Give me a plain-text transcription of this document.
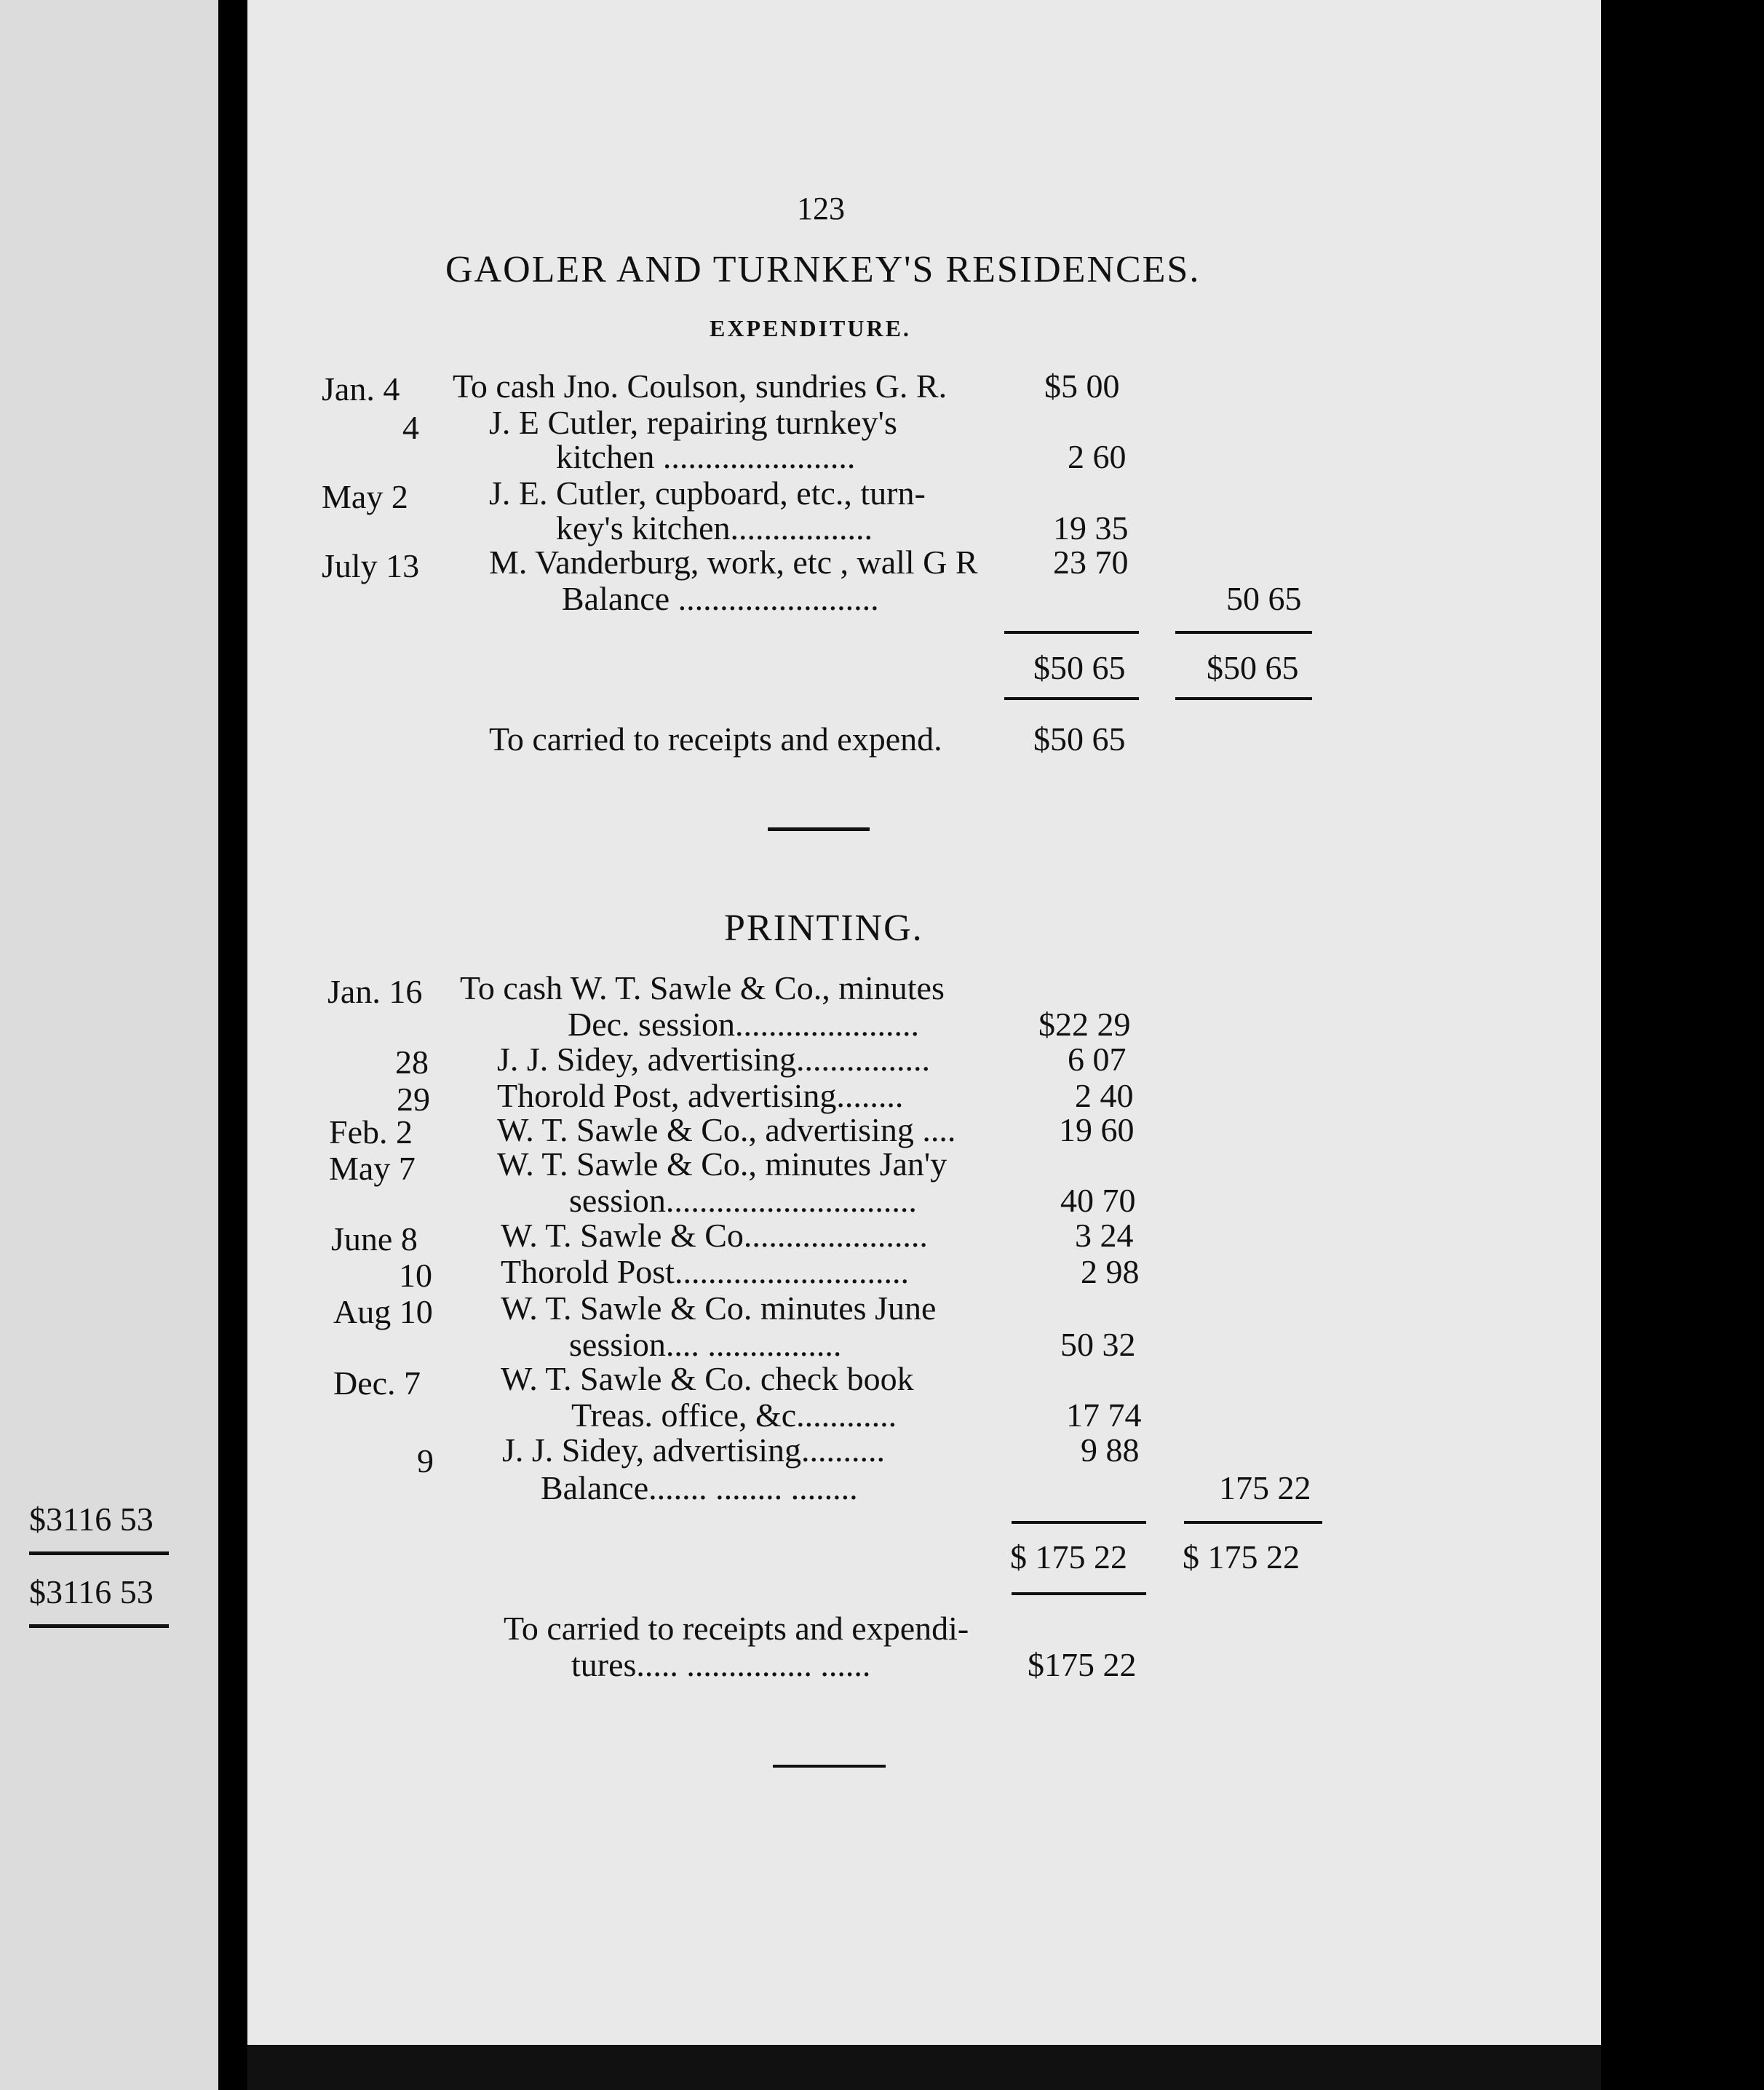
$3116 53
$3116 53
123
GAOLER AND TURNKEY'S RESIDENCES.
EXPENDITURE.
Jan. 4 To cash Jno. Coulson, sundries G. R.	$5 00
4 J. E Cutler, repairing turnkey's
kitchen .......................	2 60
May 2 J. E. Cutler, cupboard, etc., turn-
key's kitchen.................	19 35
July 13 M. Vanderburg, work, etc , wall G R 23 70
Balance ........................	50 65
$50 65 $50 65
To carried to receipts and expend.	$50 65
PRINTING.
Jan. 16 To cash W. T. Sawle & Co., minutes
Dec. session......................	$22 29
28 J. J. Sidey, advertising................	6 07
29 Thorold Post, advertising........	2 40
Feb. 2	W. T. Sawle & Co., advertising ....	19 60
May 7 W. T. Sawle & Co., minutes Jan'y
session..............................	40 70
June 8 W. T. Sawle & Co......................	3 24
10 Thorold Post............................	2 98
Aug 10 W. T. Sawle & Co. minutes June
session.... ................	50 32
Dec. 7 W. T. Sawle & Co. check book
Treas. office, &c............	17 74
9 J. J. Sidey, advertising..........	9 88
Balance....... ........ ........	175 22
$ 175 22 $ 175 22
To carried to receipts and expendi-
tures..... ............... ......	$175 22
